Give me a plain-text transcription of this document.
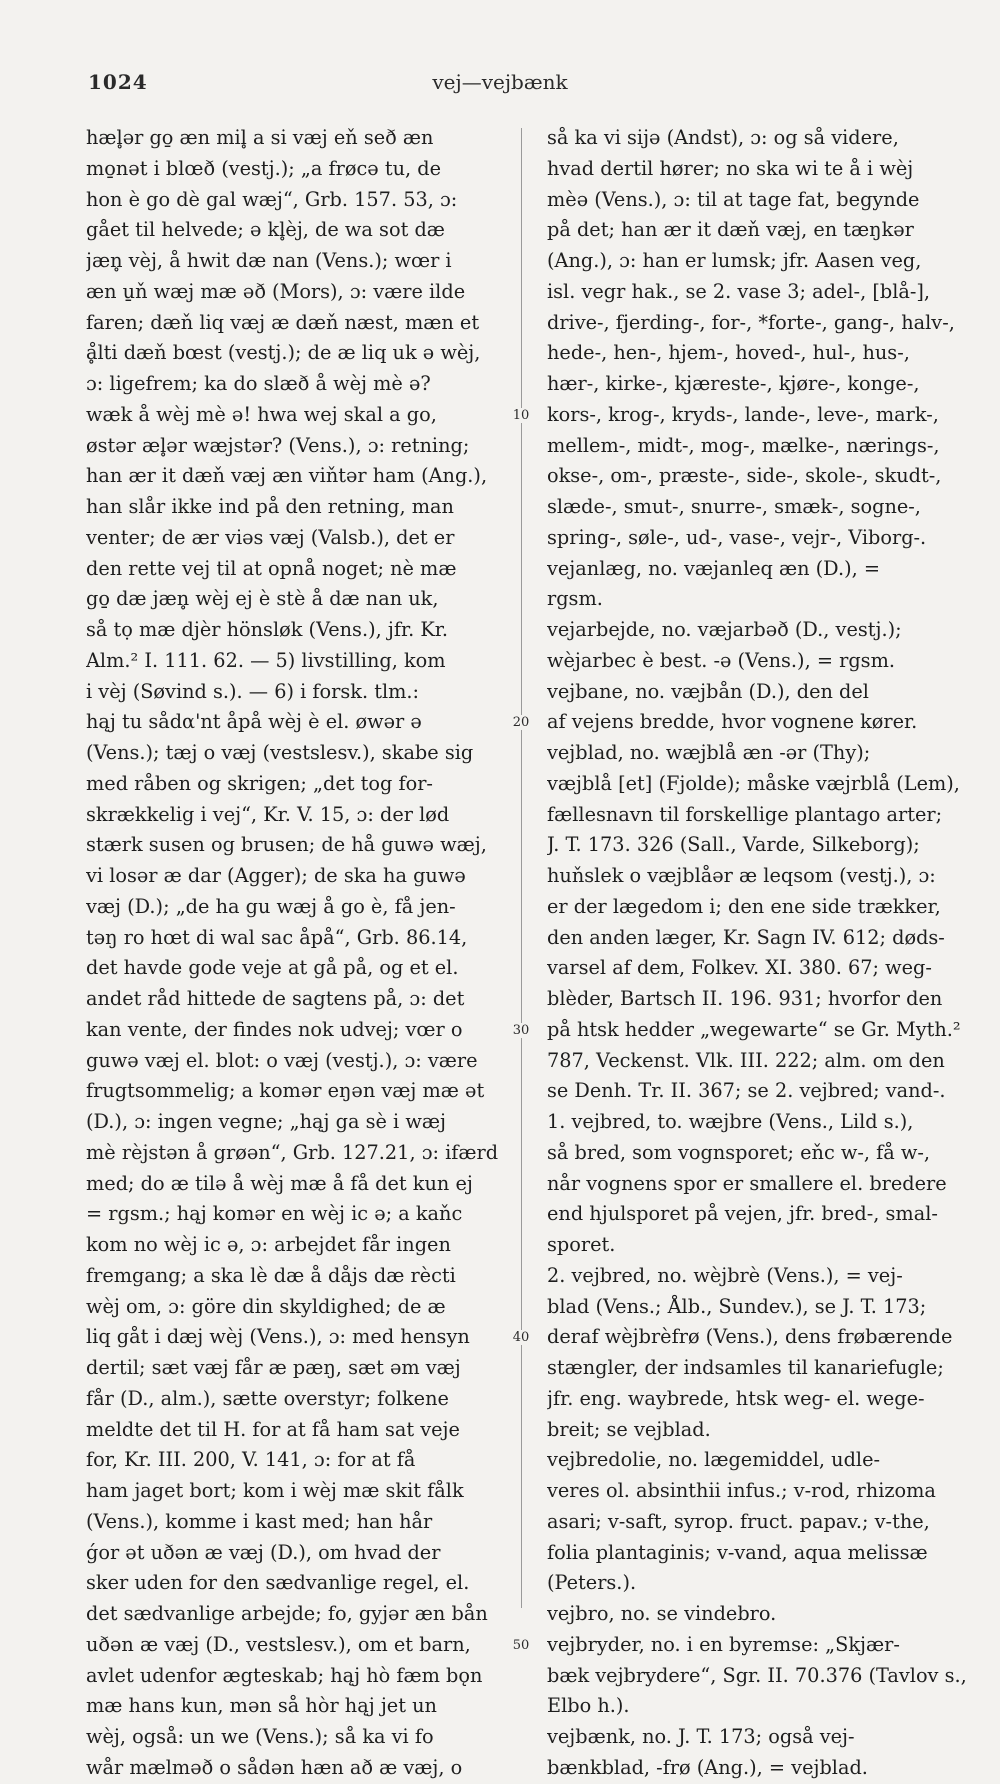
1024	vej—vejbænk
hæl̥ər go̱ æn mil̥ a si væj eň seð æn
mo̱nət i blœð (vestj.); „a frøcə tu, de
hon è go dè gal wæj“, Grb. 157. 53, ɔ:
gået til helvede; ə kl̥èj, de wa sot dæ
jæn̥ vèj, å hwit dæ nan (Vens.); wœr i
æn u̱ň wæj mæ əð (Mors), ɔ: være ilde
faren; dæň liq væj æ dæň næst, mæn et
ḁ̊lti dæň bœst (vestj.); de æ liq uk ə wèj,
ɔ: ligefrem; ka do slæð å wèj mè ə?
wæk å wèj mè ə! hwa wej skal a go,
østər æl̥ər wæjstər? (Vens.), ɔ: retning;
han ær it dæň væj æn viňtər ham (Ang.),
han slår ikke ind på den retning, man
venter; de ær viəs væj (Valsb.), det er
den rette vej til at opnå noget; nè mæ
go̱ dæ jæn̥ wèj ej è stè å dæ nan uk,
så tọ mæ djèr hönsløk (Vens.), jfr. Kr.
Alm.² I. 111. 62. — 5) livstilling, kom
i vèj (Søvind s.). — 6) i forsk. tlm.:
hąj tu sådα'nt åpå wèj è el. øwər ə
(Vens.); tæj o væj (vestslesv.), skabe sig
med råben og skrigen; „det tog for-
skrækkelig i vej“, Kr. V. 15, ɔ: der lød
stærk susen og brusen; de hå guwə wæj,
vi losər æ dar (Agger); de ska ha guwə
væj (D.); „de ha gu wæj å go è, få jen-
təŋ ro hœt di wal sac åpå“, Grb. 86.14,
det havde gode veje at gå på, og et el.
andet råd hittede de sagtens på, ɔ: det
kan vente, der findes nok udvej; vœr o
guwə væj el. blot: o væj (vestj.), ɔ: være
frugtsommelig; a komər eŋən væj mæ ət
(D.), ɔ: ingen vegne; „hąj ga sè i wæj
mè rèjstən å grøən“, Grb. 127.21, ɔ: ifærd
med; do æ tilə å wèj mæ å få det kun ej
= rgsm.; hąj komər en wèj ic ə; a kaňc
kom no wèj ic ə, ɔ: arbejdet får ingen
fremgang; a ska lè dæ å dåjs dæ rècti
wèj om, ɔ: göre din skyldighed; de æ
liq gåt i dæj wèj (Vens.), ɔ: med hensyn
dertil; sæt væj får æ pæŋ, sæt əm væj
får (D., alm.), sætte overstyr; folkene
meldte det til H. for at få ham sat veje
for, Kr. III. 200, V. 141, ɔ: for at få
ham jaget bort; kom i wèj mæ skit fålk
(Vens.), komme i kast med; han hår
ǵor ət uðən æ væj (D.), om hvad der
sker uden for den sædvanlige regel, el.
det sædvanlige arbejde; fo, gyjər æn bån
uðən æ væj (D., vestslesv.), om et barn,
avlet udenfor ægteskab; hąj hò fæm bǫn
mæ hans kun, mən så hòr hąj jet un
wèj, også: un we (Vens.); så ka vi fo
wår mælməð o sådən hæn að æ væj, o
så ka vi sijə (Andst), ɔ: og så videre,
hvad dertil hører; no ska wi te å i wèj
mèə (Vens.), ɔ: til at tage fat, begynde
på det; han ær it dæň væj, en tæŋkər
(Ang.), ɔ: han er lumsk; jfr. Aasen veg,
isl. vegr hak., se 2. vase 3; adel-, [blå-],
drive-, fjerding-, for-, *forte-, gang-, halv-,
hede-, hen-, hjem-, hoved-, hul-, hus-,
hær-, kirke-, kjæreste-, kjøre-, konge-,
kors-, krog-, kryds-, lande-, leve-, mark-,
mellem-, midt-, mog-, mælke-, nærings-,
okse-, om-, præste-, side-, skole-, skudt-,
slæde-, smut-, snurre-, smæk-, sogne-,
spring-, søle-, ud-, vase-, vejr-, Viborg-.
vejanlæg, no. væjanleq æn (D.), =
rgsm.
vejarbejde, no. væjarbəð (D., vestj.);
wèjarbec è best. -ə (Vens.), = rgsm.
vejbane, no. væjbån (D.), den del
af vejens bredde, hvor vognene kører.
vejblad, no. wæjblå æn -ər (Thy);
væjblå [et] (Fjolde); måske væjrblå (Lem),
fællesnavn til forskellige plantago arter;
J. T. 173. 326 (Sall., Varde, Silkeborg);
huňslek o væjblåər æ leqsom (vestj.), ɔ:
er der lægedom i; den ene side trækker,
den anden læger, Kr. Sagn IV. 612; døds-
varsel af dem, Folkev. XI. 380. 67; weg-
blèder, Bartsch II. 196. 931; hvorfor den
på htsk hedder „wegewarte“ se Gr. Myth.²
787, Veckenst. Vlk. III. 222; alm. om den
se Denh. Tr. II. 367; se 2. vejbred; vand-.
1. vejbred, to. wæjbre (Vens., Lild s.),
så bred, som vognsporet; eňc w-, få w-,
når vognens spor er smallere el. bredere
end hjulsporet på vejen, jfr. bred-, smal-
sporet.
2. vejbred, no. wèjbrè (Vens.), = vej-
blad (Vens.; Ålb., Sundev.), se J. T. 173;
deraf wèjbrèfrø (Vens.), dens frøbærende
stængler, der indsamles til kanariefugle;
jfr. eng. waybrede, htsk weg- el. wege-
breit; se vejblad.
vejbredolie, no. lægemiddel, udle-
veres ol. absinthii infus.; v-rod, rhizoma
asari; v-saft, syrop. fruct. papav.; v-the,
folia plantaginis; v-vand, aqua melissæ
(Peters.).
vejbro, no. se vindebro.
vejbryder, no. i en byremse: „Skjær-
bæk vejbrydere“, Sgr. II. 70.376 (Tavlov s.,
Elbo h.).
vejbænk, no. J. T. 173; også vej-
bænkblad, -frø (Ang.), = vejblad.
10
20
30
40
50
